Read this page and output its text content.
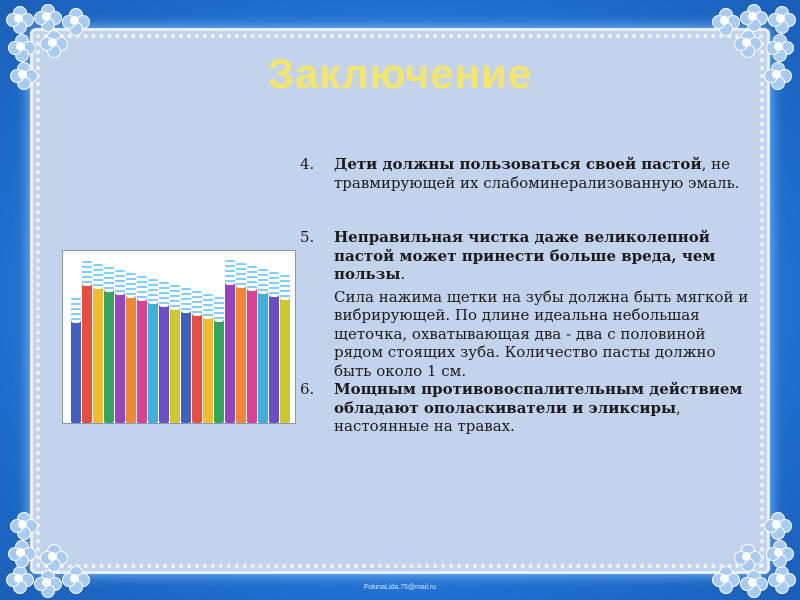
Заключение
4. Дети должны пользоваться своей пастой, не травмирующей их слабоминерализованную эмаль.
5. Неправильная чистка даже великолепной пастой может принести больше вреда, чем пользы.
Сила нажима щетки на зубы должна быть мягкой и вибрирующей. По длине идеальна небольшая щеточка, охватывающая два - два с половиной рядом стоящих зуба. Количество пасты должно быть около 1 см.
6. Мощным противовоспалительным действием обладают ополаскиватели и эликсиры, настоянные на травах.
FokinaLida.75@mail.ru
